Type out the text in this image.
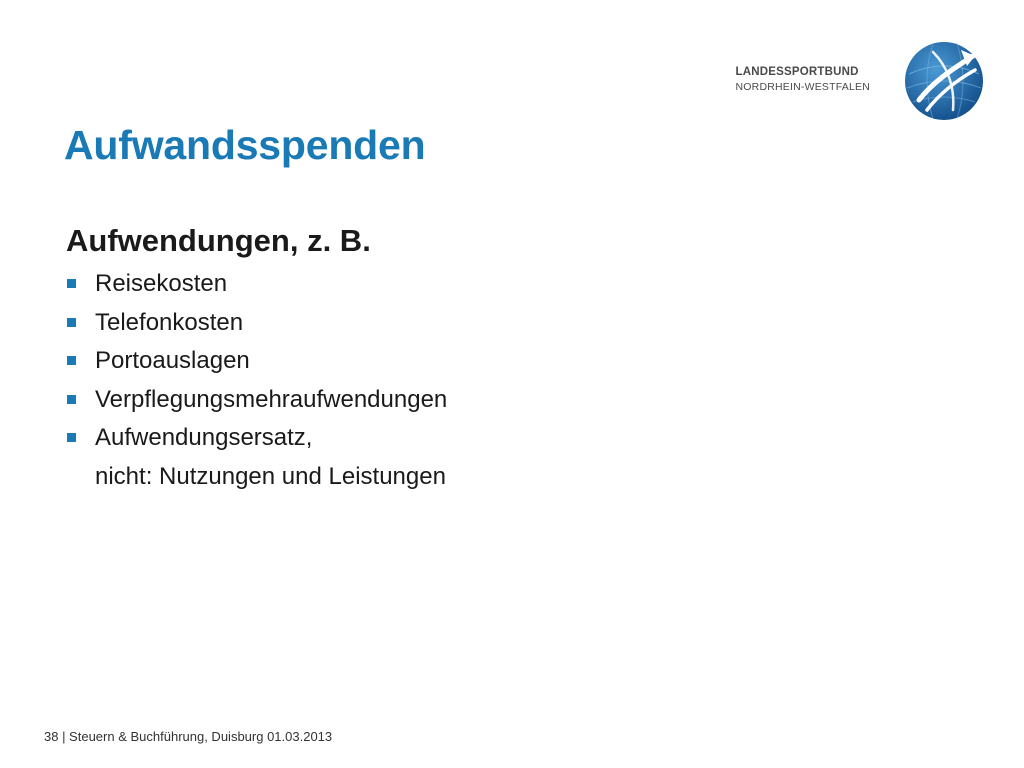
LANDESSPORTBUND
NORDRHEIN-WESTFALEN
Aufwandsspenden
Aufwendungen, z. B.
Reisekosten
Telefonkosten
Portoauslagen
Verpflegungsmehraufwendungen
Aufwendungsersatz,
nicht: Nutzungen und Leistungen
38 | Steuern & Buchführung, Duisburg 01.03.2013
